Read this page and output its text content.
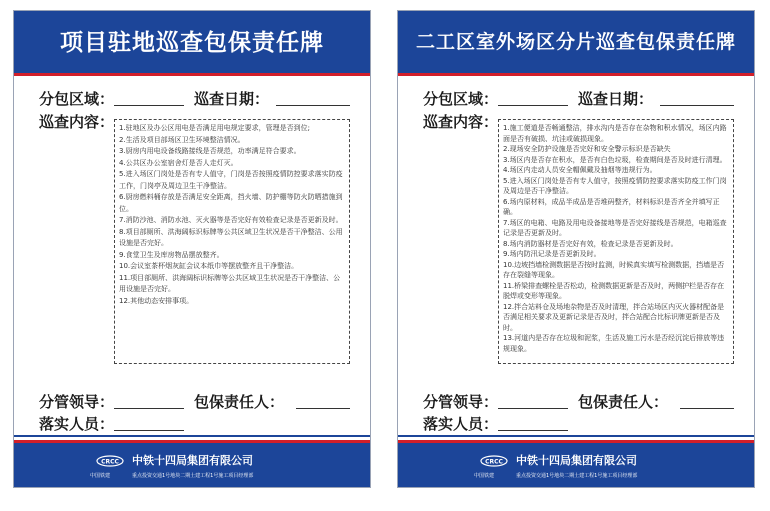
项目驻地巡查包保责任牌
分包区域：	巡查日期：
巡查内容： 1.驻地区及办公区用电是否满足用电规定要求，管理是否到位;

2.生活及项目部场区卫生环境整洁情况。

3.厨房内用电设备线路接线是否规范，功率满足符合要求。

4.公共区办公室宿舍灯是否人走灯灭。

5.进入场区门岗处是否有专人值守，门岗是否按照疫情防控要求落实防疫工作，门岗亭及周边卫生干净整洁。

6.厨房燃料桶存放是否满足安全距离，挡火墙、防护棚等防火防晒措施到位。

7.消防沙池、消防水池、灭火器等是否完好有效检查记录是否更新及时。

8.项目部厕所、洪海阔标识标牌等公共区域卫生状况是否干净整洁、公用设施是否完好。

9.食堂卫生及库房物品摆放整齐。

10.会议室茶杯烟灰缸会议本纸巾等摆放整齐且干净整洁。

11.项目部厕所、洪海阔标识标牌等公共区域卫生状况是否干净整洁、公用设施是否完好。

12.其他动态安排事项。

分管领导：	包保责任人：
落实人员：
CRCC
中国铁建
中铁十四局集团有限公司
重点投资交通1号地块二期土建工程1号施工项目经理部
二工区室外场区分片巡查包保责任牌
分包区域：	巡查日期：
巡查内容： 1.施工便道是否畅通整洁，排水沟内是否存在杂物和积水情况，场区内路面是否有破损、坑洼或破损现象。

2.现场安全防护设施是否完好和安全警示标识是否缺失

3.场区内是否存在积水，是否有白色垃圾，检查期间是否及时进行清理。

4.场区内走动人员安全帽佩戴及抽烟等违规行为。

5.进入场区门岗处是否有专人值守，按照疫情防控要求落实防疫工作门岗及周边是否干净整洁。

6.场内原材料，成品半成品是否堆码整齐，材料标识是否齐全并填写正确。

7.场区的电箱、电路及用电设备接地等是否完好接线是否规范，电箱巡查记录是否更新及时。

8.场内消防器材是否完好有效，检查记录是否更新及时。

9.场内防汛记录是否更新及时。

10.边坡挡墙检测数据是否按时监测，时候真实填写检测数据，挡墙是否存在裂缝等现象。

11.桥梁排查螺栓是否松动，检测数据更新是否及时，两侧护栏是否存在脱焊或变形等现象。

12.拌合站料仓及场地杂物是否及时清理，拌合站场区内灭火器材配备是否满足相关要求及更新记录是否及时，拌合站配合比标识牌更新是否及时。

13.河道内是否存在垃圾和泥浆，生活及施工污水是否经沉淀后排放等违规现象。

分管领导：	包保责任人：
落实人员：
CRCC
中国铁建
中铁十四局集团有限公司
重点投资交通1号地块二期土建工程1号施工项目经理部
